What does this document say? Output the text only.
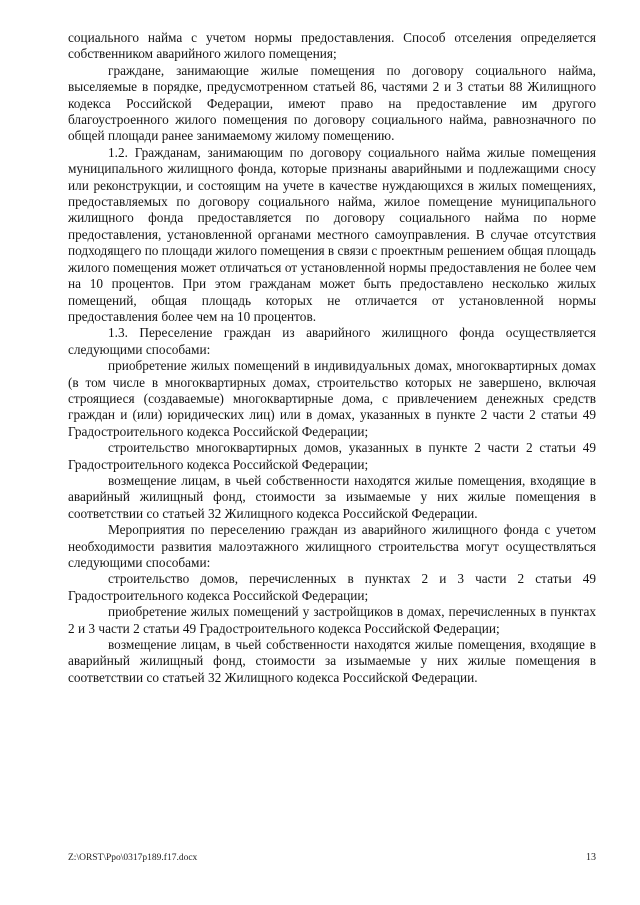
социального найма с учетом нормы предоставления. Способ отселения определяется собственником аварийного жилого помещения;

граждане, занимающие жилые помещения по договору социального найма, выселяемые в порядке, предусмотренном статьей 86, частями 2 и 3 статьи 88 Жилищного кодекса Российской Федерации, имеют право на предоставление им другого благоустроенного жилого помещения по договору социального найма, равнозначного по общей площади ранее занимаемому жилому помещению.

1.2. Гражданам, занимающим по договору социального найма жилые помещения муниципального жилищного фонда, которые признаны аварийными и подлежащими сносу или реконструкции, и состоящим на учете в качестве нуждающихся в жилых помещениях, предоставляемых по договору социального найма, жилое помещение муниципального жилищного фонда предоставляется по договору социального найма по норме предоставления, установленной органами местного самоуправления. В случае отсутствия подходящего по площади жилого помещения в связи с проектным решением общая площадь жилого помещения может отличаться от установленной нормы предоставления не более чем на 10 процентов. При этом гражданам может быть предоставлено несколько жилых помещений, общая площадь которых не отличается от установленной нормы предоставления более чем на 10 процентов.

1.3. Переселение граждан из аварийного жилищного фонда осуществляется следующими способами:

приобретение жилых помещений в индивидуальных домах, многоквартирных домах (в том числе в многоквартирных домах, строительство которых не завершено, включая строящиеся (создаваемые) многоквартирные дома, с привлечением денежных средств граждан и (или) юридических лиц) или в домах, указанных в пункте 2 части 2 статьи 49 Градостроительного кодекса Российской Федерации;

строительство многоквартирных домов, указанных в пункте 2 части 2 статьи 49 Градостроительного кодекса Российской Федерации;

возмещение лицам, в чьей собственности находятся жилые помещения, входящие в аварийный жилищный фонд, стоимости за изымаемые у них жилые помещения в соответствии со статьей 32 Жилищного кодекса Российской Федерации.

Мероприятия по переселению граждан из аварийного жилищного фонда с учетом необходимости развития малоэтажного жилищного строительства могут осуществляться следующими способами:

строительство домов, перечисленных в пунктах 2 и 3 части 2 статьи 49 Градостроительного кодекса Российской Федерации;

приобретение жилых помещений у застройщиков в домах, перечисленных в пунктах 2 и 3 части 2 статьи 49 Градостроительного кодекса Российской Федерации;

возмещение лицам, в чьей собственности находятся жилые помещения, входящие в аварийный жилищный фонд, стоимости за изымаемые у них жилые помещения в соответствии со статьей 32 Жилищного кодекса Российской Федерации.

Z:\ORST\Ppo\0317p189.f17.docx	13
